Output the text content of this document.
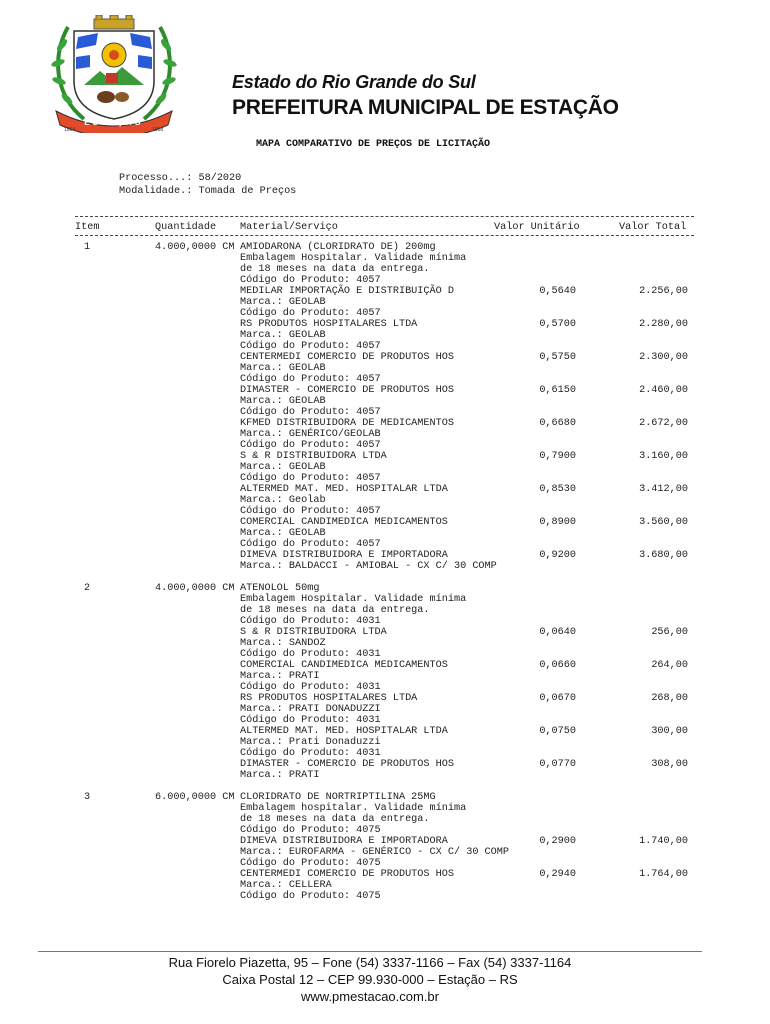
ESTAÇÃO
1964	1988
Estado do Rio Grande do Sul
PREFEITURA MUNICIPAL DE ESTAÇÃO
MAPA COMPARATIVO DE PREÇOS DE LICITAÇÃO
Processo...: 58/2020
Modalidade.: Tomada de Preços
Item	Quantidade Material/Serviço	Valor Unitário	Valor Total
1	4.000,0000 CM AMIODARONA (CLORIDRATO DE) 200mg
Embalagem Hospitalar. Validade mínima
de 18 meses na data da entrega.
Código do Produto: 4057
MEDILAR IMPORTAÇÃO E DISTRIBUIÇÃO D	0,5640	2.256,00
Marca.: GEOLAB
Código do Produto: 4057
RS PRODUTOS HOSPITALARES LTDA	0,5700	2.280,00
Marca.: GEOLAB
Código do Produto: 4057
CENTERMEDI COMERCIO DE PRODUTOS HOS	0,5750	2.300,00
Marca.: GEOLAB
Código do Produto: 4057
DIMASTER - COMERCIO DE PRODUTOS HOS	0,6150	2.460,00
Marca.: GEOLAB
Código do Produto: 4057
KFMED DISTRIBUIDORA DE MEDICAMENTOS	0,6680	2.672,00
Marca.: GENÉRICO/GEOLAB
Código do Produto: 4057
S & R DISTRIBUIDORA LTDA	0,7900	3.160,00
Marca.: GEOLAB
Código do Produto: 4057
ALTERMED MAT. MED. HOSPITALAR LTDA	0,8530	3.412,00
Marca.: Geolab
Código do Produto: 4057
COMERCIAL CANDIMEDICA MEDICAMENTOS	0,8900	3.560,00
Marca.: GEOLAB
Código do Produto: 4057
DIMEVA DISTRIBUIDORA E IMPORTADORA	0,9200	3.680,00
Marca.: BALDACCI - AMIOBAL - CX C/ 30 COMP
2	4.000,0000 CM ATENOLOL 50mg
Embalagem Hospitalar. Validade mínima
de 18 meses na data da entrega.
Código do Produto: 4031
S & R DISTRIBUIDORA LTDA	0,0640	256,00
Marca.: SANDOZ
Código do Produto: 4031
COMERCIAL CANDIMEDICA MEDICAMENTOS	0,0660	264,00
Marca.: PRATI
Código do Produto: 4031
RS PRODUTOS HOSPITALARES LTDA	0,0670	268,00
Marca.: PRATI DONADUZZI
Código do Produto: 4031
ALTERMED MAT. MED. HOSPITALAR LTDA	0,0750	300,00
Marca.: Prati Donaduzzi
Código do Produto: 4031
DIMASTER - COMERCIO DE PRODUTOS HOS	0,0770	308,00
Marca.: PRATI
3	6.000,0000 CM CLORIDRATO DE NORTRIPTILINA 25MG
Embalagem hospitalar. Validade mínima
de 18 meses na data da entrega.
Código do Produto: 4075
DIMEVA DISTRIBUIDORA E IMPORTADORA	0,2900	1.740,00
Marca.: EUROFARMA - GENÉRICO - CX C/ 30 COMP
Código do Produto: 4075
CENTERMEDI COMERCIO DE PRODUTOS HOS	0,2940	1.764,00
Marca.: CELLERA
Código do Produto: 4075
Rua Fiorelo Piazetta, 95 – Fone (54) 3337-1166 – Fax (54) 3337-1164
Caixa Postal 12 – CEP 99.930-000 – Estação – RS
www.pmestacao.com.br
